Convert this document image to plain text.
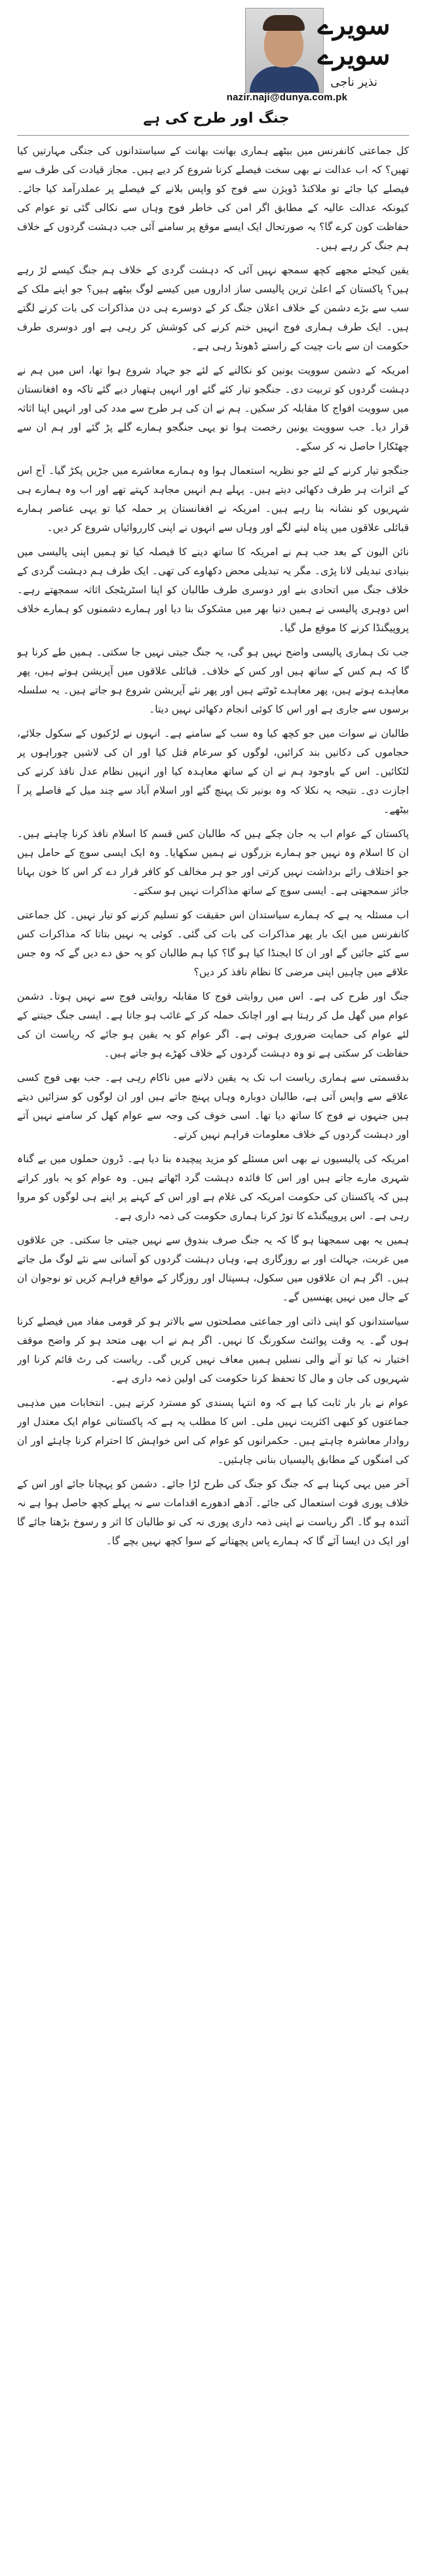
سویرے سویرے
نذیر ناجی
nazir.naji@dunya.com.pk
جنگ اور طرح کی ہے

کل جماعتی کانفرنس میں بیٹھے ہماری بھانت بھانت کے سیاستدانوں کی جنگی مہارتیں کیا تھیں؟ کہ اب عدالت نے بھی سخت فیصلے کرنا شروع کر دیے ہیں۔ مجاز قیادت کی طرف سے فیصلے کیا جائے تو ملاکنڈ ڈویژن سے فوج کو واپس بلانے کے فیصلے پر عملدرآمد کیا جائے۔ کیونکہ عدالت عالیہ کے مطابق اگر امن کی خاطر فوج وہاں سے نکالی گئی تو عوام کی حفاظت کون کرے گا؟ یہ صورتحال ایک ایسے موقع پر سامنے آئی جب دہشت گردوں کے خلاف ہم جنگ کر رہے ہیں۔

یقین کیجئے مجھے کچھ سمجھ نہیں آئی کہ دہشت گردی کے خلاف ہم جنگ کیسے لڑ رہے ہیں؟ پاکستان کے اعلیٰ ترین پالیسی ساز اداروں میں کیسے لوگ بیٹھے ہیں؟ جو اپنے ملک کے سب سے بڑے دشمن کے خلاف اعلان جنگ کر کے دوسرے ہی دن مذاکرات کی بات کرنے لگتے ہیں۔ ایک طرف ہماری فوج انہیں ختم کرنے کی کوشش کر رہی ہے اور دوسری طرف حکومت ان سے بات چیت کے راستے ڈھونڈ رہی ہے۔

امریکہ کے دشمن سوویت یونین کو نکالنے کے لئے جو جہاد شروع ہوا تھا، اس میں ہم نے دہشت گردوں کو تربیت دی۔ جنگجو تیار کئے گئے اور انہیں ہتھیار دیے گئے تاکہ وہ افغانستان میں سوویت افواج کا مقابلہ کر سکیں۔ ہم نے ان کی ہر طرح سے مدد کی اور انہیں اپنا اثاثہ قرار دیا۔ جب سوویت یونین رخصت ہوا تو یہی جنگجو ہمارے گلے پڑ گئے اور ہم ان سے چھٹکارا حاصل نہ کر سکے۔

جنگجو تیار کرنے کے لئے جو نظریہ استعمال ہوا وہ ہمارے معاشرے میں جڑیں پکڑ گیا۔ آج اس کے اثرات ہر طرف دکھائی دیتے ہیں۔ پہلے ہم انہیں مجاہد کہتے تھے اور اب وہ ہمارے ہی شہریوں کو نشانہ بنا رہے ہیں۔ امریکہ نے افغانستان پر حملہ کیا تو یہی عناصر ہمارے قبائلی علاقوں میں پناہ لینے لگے اور وہاں سے انہوں نے اپنی کارروائیاں شروع کر دیں۔

نائن الیون کے بعد جب ہم نے امریکہ کا ساتھ دینے کا فیصلہ کیا تو ہمیں اپنی پالیسی میں بنیادی تبدیلی لانا پڑی۔ مگر یہ تبدیلی محض دکھاوے کی تھی۔ ایک طرف ہم دہشت گردی کے خلاف جنگ میں اتحادی بنے اور دوسری طرف طالبان کو اپنا اسٹریٹجک اثاثہ سمجھتے رہے۔ اس دوہری پالیسی نے ہمیں دنیا بھر میں مشکوک بنا دیا اور ہمارے دشمنوں کو ہمارے خلاف پروپیگنڈا کرنے کا موقع مل گیا۔

جب تک ہماری پالیسی واضح نہیں ہو گی، یہ جنگ جیتی نہیں جا سکتی۔ ہمیں طے کرنا ہو گا کہ ہم کس کے ساتھ ہیں اور کس کے خلاف۔ قبائلی علاقوں میں آپریشن ہوتے ہیں، پھر معاہدے ہوتے ہیں، پھر معاہدے ٹوٹتے ہیں اور پھر نئے آپریشن شروع ہو جاتے ہیں۔ یہ سلسلہ برسوں سے جاری ہے اور اس کا کوئی انجام دکھائی نہیں دیتا۔

طالبان نے سوات میں جو کچھ کیا وہ سب کے سامنے ہے۔ انہوں نے لڑکیوں کے سکول جلائے، حجاموں کی دکانیں بند کرائیں، لوگوں کو سرعام قتل کیا اور ان کی لاشیں چوراہوں پر لٹکائیں۔ اس کے باوجود ہم نے ان کے ساتھ معاہدہ کیا اور انہیں نظام عدل نافذ کرنے کی اجازت دی۔ نتیجہ یہ نکلا کہ وہ بونیر تک پہنچ گئے اور اسلام آباد سے چند میل کے فاصلے پر آ بیٹھے۔

پاکستان کے عوام اب یہ جان چکے ہیں کہ طالبان کس قسم کا اسلام نافذ کرنا چاہتے ہیں۔ ان کا اسلام وہ نہیں جو ہمارے بزرگوں نے ہمیں سکھایا۔ وہ ایک ایسی سوچ کے حامل ہیں جو اختلاف رائے برداشت نہیں کرتی اور جو ہر مخالف کو کافر قرار دے کر اس کا خون بہانا جائز سمجھتی ہے۔ ایسی سوچ کے ساتھ مذاکرات نہیں ہو سکتے۔

اب مسئلہ یہ ہے کہ ہمارے سیاستدان اس حقیقت کو تسلیم کرنے کو تیار نہیں۔ کل جماعتی کانفرنس میں ایک بار پھر مذاکرات کی بات کی گئی۔ کوئی یہ نہیں بتاتا کہ مذاکرات کس سے کئے جائیں گے اور ان کا ایجنڈا کیا ہو گا؟ کیا ہم طالبان کو یہ حق دے دیں گے کہ وہ جس علاقے میں چاہیں اپنی مرضی کا نظام نافذ کر دیں؟

جنگ اور طرح کی ہے۔ اس میں روایتی فوج کا مقابلہ روایتی فوج سے نہیں ہوتا۔ دشمن عوام میں گھل مل کر رہتا ہے اور اچانک حملہ کر کے غائب ہو جاتا ہے۔ ایسی جنگ جیتنے کے لئے عوام کی حمایت ضروری ہوتی ہے۔ اگر عوام کو یہ یقین ہو جائے کہ ریاست ان کی حفاظت کر سکتی ہے تو وہ دہشت گردوں کے خلاف کھڑے ہو جاتے ہیں۔

بدقسمتی سے ہماری ریاست اب تک یہ یقین دلانے میں ناکام رہی ہے۔ جب بھی فوج کسی علاقے سے واپس آتی ہے، طالبان دوبارہ وہاں پہنچ جاتے ہیں اور ان لوگوں کو سزائیں دیتے ہیں جنہوں نے فوج کا ساتھ دیا تھا۔ اسی خوف کی وجہ سے عوام کھل کر سامنے نہیں آتے اور دہشت گردوں کے خلاف معلومات فراہم نہیں کرتے۔

امریکہ کی پالیسیوں نے بھی اس مسئلے کو مزید پیچیدہ بنا دیا ہے۔ ڈرون حملوں میں بے گناہ شہری مارے جاتے ہیں اور اس کا فائدہ دہشت گرد اٹھاتے ہیں۔ وہ عوام کو یہ باور کراتے ہیں کہ پاکستان کی حکومت امریکہ کی غلام ہے اور اس کے کہنے پر اپنے ہی لوگوں کو مروا رہی ہے۔ اس پروپیگنڈے کا توڑ کرنا ہماری حکومت کی ذمہ داری ہے۔

ہمیں یہ بھی سمجھنا ہو گا کہ یہ جنگ صرف بندوق سے نہیں جیتی جا سکتی۔ جن علاقوں میں غربت، جہالت اور بے روزگاری ہے، وہاں دہشت گردوں کو آسانی سے نئے لوگ مل جاتے ہیں۔ اگر ہم ان علاقوں میں سکول، ہسپتال اور روزگار کے مواقع فراہم کریں تو نوجوان ان کے جال میں نہیں پھنسیں گے۔

سیاستدانوں کو اپنی ذاتی اور جماعتی مصلحتوں سے بالاتر ہو کر قومی مفاد میں فیصلے کرنا ہوں گے۔ یہ وقت پوائنٹ سکورنگ کا نہیں۔ اگر ہم نے اب بھی متحد ہو کر واضح موقف اختیار نہ کیا تو آنے والی نسلیں ہمیں معاف نہیں کریں گی۔ ریاست کی رٹ قائم کرنا اور شہریوں کی جان و مال کا تحفظ کرنا حکومت کی اولین ذمہ داری ہے۔

عوام نے بار بار ثابت کیا ہے کہ وہ انتہا پسندی کو مسترد کرتے ہیں۔ انتخابات میں مذہبی جماعتوں کو کبھی اکثریت نہیں ملی۔ اس کا مطلب یہ ہے کہ پاکستانی عوام ایک معتدل اور روادار معاشرہ چاہتے ہیں۔ حکمرانوں کو عوام کی اس خواہش کا احترام کرنا چاہئے اور ان کی امنگوں کے مطابق پالیسیاں بنانی چاہئیں۔

آخر میں یہی کہنا ہے کہ جنگ کو جنگ کی طرح لڑا جائے۔ دشمن کو پہچانا جائے اور اس کے خلاف پوری قوت استعمال کی جائے۔ آدھے ادھورے اقدامات سے نہ پہلے کچھ حاصل ہوا ہے نہ آئندہ ہو گا۔ اگر ریاست نے اپنی ذمہ داری پوری نہ کی تو طالبان کا اثر و رسوخ بڑھتا جائے گا اور ایک دن ایسا آئے گا کہ ہمارے پاس پچھتانے کے سوا کچھ نہیں بچے گا۔
